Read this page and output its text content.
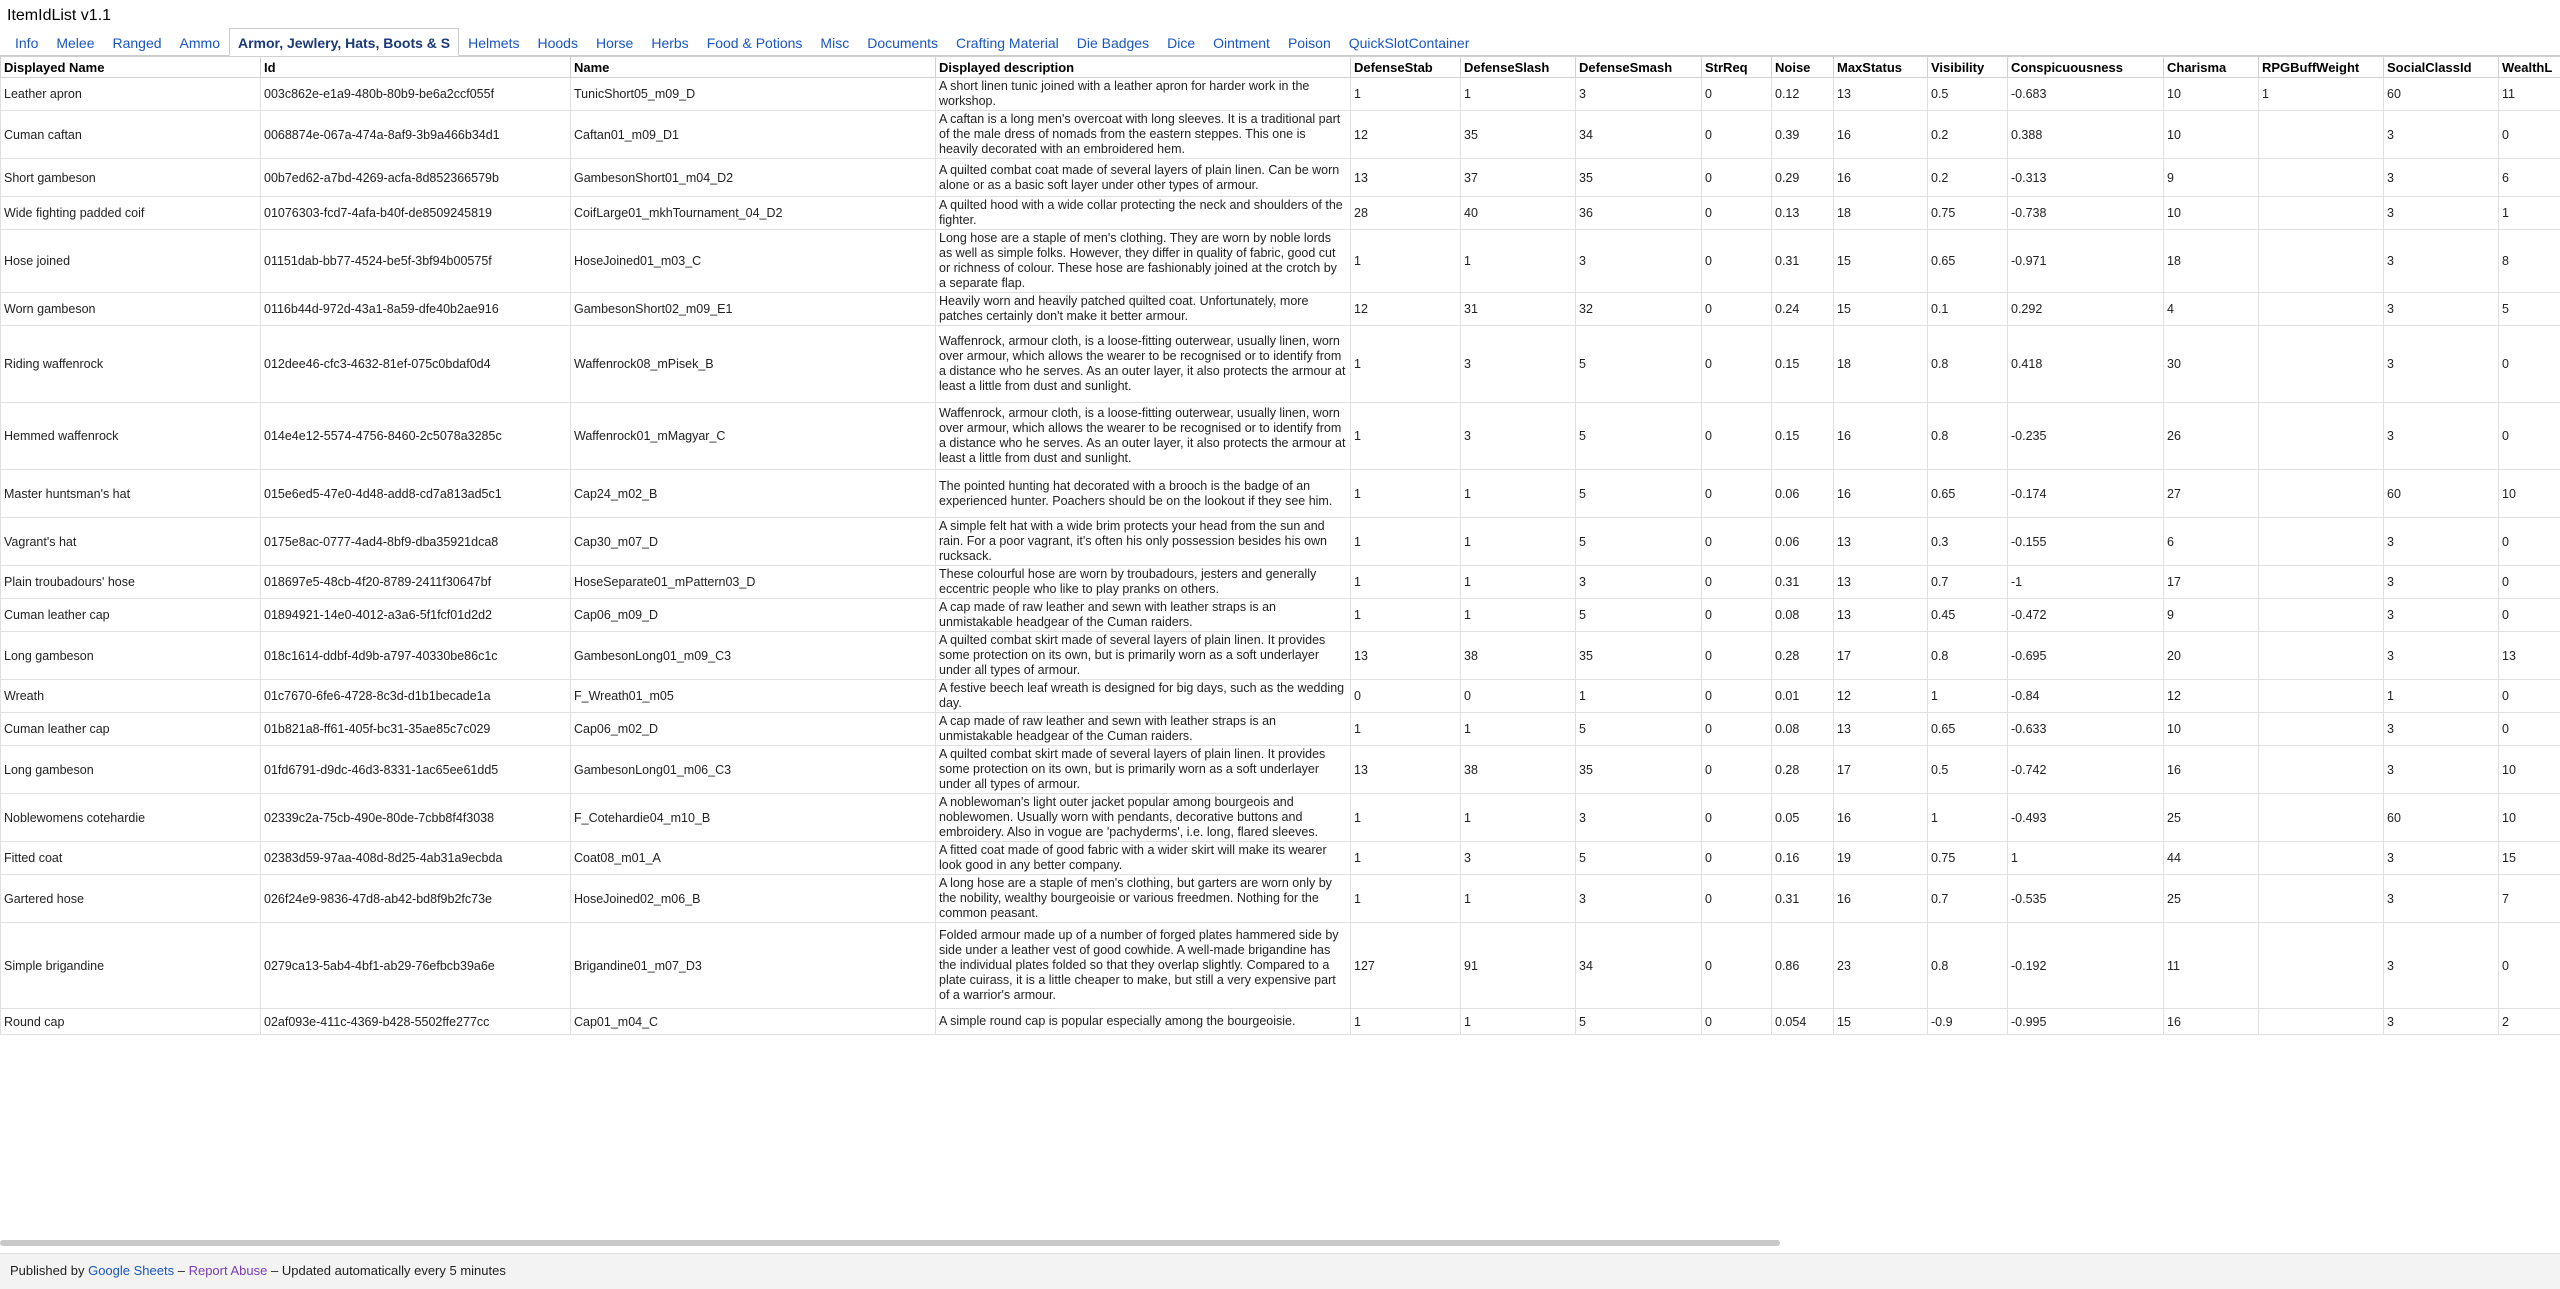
ItemIdList v1.1
Info	Melee	Ranged	Ammo	Armor, Jewlery, Hats, Boots & S	Helmets	Hoods	Horse	Herbs	Food & Potions	Misc	Documents	Crafting Material	Die Badges	Dice	Ointment	Poison	QuickSlotContainer
Displayed Name	Id	Name	Displayed description	DefenseStab	DefenseSlash	DefenseSmash	StrReq	Noise	MaxStatus	Visibility	Conspicuousness	Charisma	RPGBuffWeight	SocialClassId	WealthL
Leather apron	003c862e-e1a9-480b-80b9-be6a2ccf055f	TunicShort05_m09_D	A short linen tunic joined with a leather apron for harder work in the workshop.	1	1	3	0	0.12	13	0.5	-0.683	10	1	60	11
Cuman caftan	0068874e-067a-474a-8af9-3b9a466b34d1	Caftan01_m09_D1	A caftan is a long men's overcoat with long sleeves. It is a traditional part of the male dress of nomads from the eastern steppes. This one is heavily decorated with an embroidered hem.	12	35	34	0	0.39	16	0.2	0.388	10		3	0
Short gambeson	00b7ed62-a7bd-4269-acfa-8d852366579b	GambesonShort01_m04_D2	A quilted combat coat made of several layers of plain linen. Can be worn alone or as a basic soft layer under other types of armour.	13	37	35	0	0.29	16	0.2	-0.313	9		3	6
Wide fighting padded coif	01076303-fcd7-4afa-b40f-de8509245819	CoifLarge01_mkhTournament_04_D2	A quilted hood with a wide collar protecting the neck and shoulders of the fighter.	28	40	36	0	0.13	18	0.75	-0.738	10		3	1
Hose joined	01151dab-bb77-4524-be5f-3bf94b00575f	HoseJoined01_m03_C	Long hose are a staple of men's clothing. They are worn by noble lords as well as simple folks. However, they differ in quality of fabric, good cut or richness of colour. These hose are fashionably joined at the crotch by a separate flap.	1	1	3	0	0.31	15	0.65	-0.971	18		3	8
Worn gambeson	0116b44d-972d-43a1-8a59-dfe40b2ae916	GambesonShort02_m09_E1	Heavily worn and heavily patched quilted coat. Unfortunately, more patches certainly don't make it better armour.	12	31	32	0	0.24	15	0.1	0.292	4		3	5
Riding waffenrock	012dee46-cfc3-4632-81ef-075c0bdaf0d4	Waffenrock08_mPisek_B	Waffenrock, armour cloth, is a loose-fitting outerwear, usually linen, worn over armour, which allows the wearer to be recognised or to identify from a distance who he serves. As an outer layer, it also protects the armour at least a little from dust and sunlight.	1	3	5	0	0.15	18	0.8	0.418	30		3	0
Hemmed waffenrock	014e4e12-5574-4756-8460-2c5078a3285c	Waffenrock01_mMagyar_C	Waffenrock, armour cloth, is a loose-fitting outerwear, usually linen, worn over armour, which allows the wearer to be recognised or to identify from a distance who he serves. As an outer layer, it also protects the armour at least a little from dust and sunlight.	1	3	5	0	0.15	16	0.8	-0.235	26		3	0
Master huntsman's hat	015e6ed5-47e0-4d48-add8-cd7a813ad5c1	Cap24_m02_B	The pointed hunting hat decorated with a brooch is the badge of an experienced hunter. Poachers should be on the lookout if they see him.	1	1	5	0	0.06	16	0.65	-0.174	27		60	10
Vagrant's hat	0175e8ac-0777-4ad4-8bf9-dba35921dca8	Cap30_m07_D	A simple felt hat with a wide brim protects your head from the sun and rain. For a poor vagrant, it's often his only possession besides his own rucksack.	1	1	5	0	0.06	13	0.3	-0.155	6		3	0
Plain troubadours' hose	018697e5-48cb-4f20-8789-2411f30647bf	HoseSeparate01_mPattern03_D	These colourful hose are worn by troubadours, jesters and generally eccentric people who like to play pranks on others.	1	1	3	0	0.31	13	0.7	-1	17		3	0
Cuman leather cap	01894921-14e0-4012-a3a6-5f1fcf01d2d2	Cap06_m09_D	A cap made of raw leather and sewn with leather straps is an unmistakable headgear of the Cuman raiders.	1	1	5	0	0.08	13	0.45	-0.472	9		3	0
Long gambeson	018c1614-ddbf-4d9b-a797-40330be86c1c	GambesonLong01_m09_C3	A quilted combat skirt made of several layers of plain linen. It provides some protection on its own, but is primarily worn as a soft underlayer under all types of armour.	13	38	35	0	0.28	17	0.8	-0.695	20		3	13
Wreath	01c7670-6fe6-4728-8c3d-d1b1becade1a	F_Wreath01_m05	A festive beech leaf wreath is designed for big days, such as the wedding day.	0	0	1	0	0.01	12	1	-0.84	12		1	0
Cuman leather cap	01b821a8-ff61-405f-bc31-35ae85c7c029	Cap06_m02_D	A cap made of raw leather and sewn with leather straps is an unmistakable headgear of the Cuman raiders.	1	1	5	0	0.08	13	0.65	-0.633	10		3	0
Long gambeson	01fd6791-d9dc-46d3-8331-1ac65ee61dd5	GambesonLong01_m06_C3	A quilted combat skirt made of several layers of plain linen. It provides some protection on its own, but is primarily worn as a soft underlayer under all types of armour.	13	38	35	0	0.28	17	0.5	-0.742	16		3	10
Noblewomens cotehardie	02339c2a-75cb-490e-80de-7cbb8f4f3038	F_Cotehardie04_m10_B	A noblewoman's light outer jacket popular among bourgeois and noblewomen. Usually worn with pendants, decorative buttons and embroidery. Also in vogue are 'pachyderms', i.e. long, flared sleeves.	1	1	3	0	0.05	16	1	-0.493	25		60	10
Fitted coat	02383d59-97aa-408d-8d25-4ab31a9ecbda	Coat08_m01_A	A fitted coat made of good fabric with a wider skirt will make its wearer look good in any better company.	1	3	5	0	0.16	19	0.75	1	44		3	15
Gartered hose	026f24e9-9836-47d8-ab42-bd8f9b2fc73e	HoseJoined02_m06_B	A long hose are a staple of men's clothing, but garters are worn only by the nobility, wealthy bourgeoisie or various freedmen. Nothing for the common peasant.	1	1	3	0	0.31	16	0.7	-0.535	25		3	7
Simple brigandine	0279ca13-5ab4-4bf1-ab29-76efbcb39a6e	Brigandine01_m07_D3	Folded armour made up of a number of forged plates hammered side by side under a leather vest of good cowhide. A well-made brigandine has the individual plates folded so that they overlap slightly. Compared to a plate cuirass, it is a little cheaper to make, but still a very expensive part of a warrior's armour.	127	91	34	0	0.86	23	0.8	-0.192	11		3	0
Round cap	02af093e-411c-4369-b428-5502ffe277cc	Cap01_m04_C	A simple round cap is popular especially among the bourgeoisie.	1	1	5	0	0.054	15	-0.9	-0.995	16		3	2
Published by Google Sheets – Report Abuse – Updated automatically every 5 minutes
